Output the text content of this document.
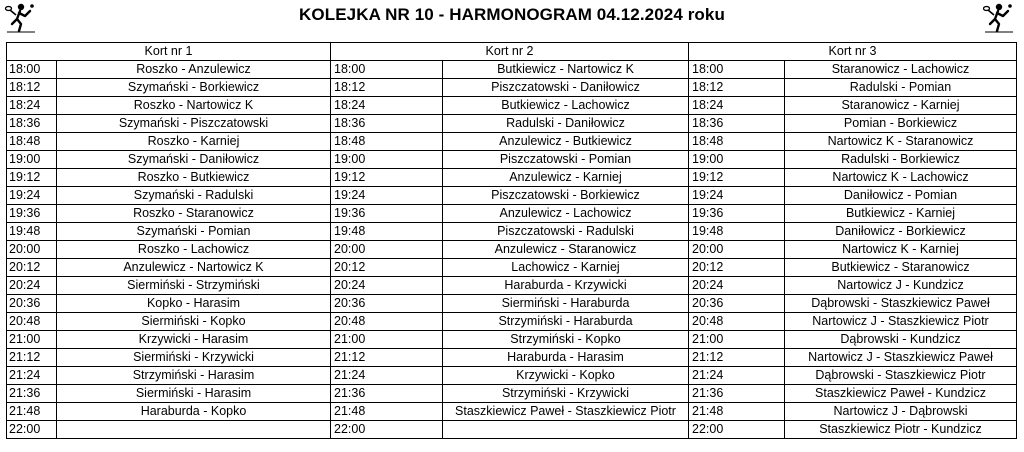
KOLEJKA NR 10 - HARMONOGRAM 04.12.2024 roku
Kort nr 1		Kort nr 2		Kort nr 3	
18:00	Roszko - Anzulewicz	18:00	Butkiewicz - Nartowicz K	18:00	Staranowicz - Lachowicz
18:12	Szymański - Borkiewicz	18:12	Piszczatowski - Daniłowicz	18:12	Radulski - Pomian
18:24	Roszko - Nartowicz K	18:24	Butkiewicz - Lachowicz	18:24	Staranowicz - Karniej
18:36	Szymański - Piszczatowski	18:36	Radulski - Daniłowicz	18:36	Pomian - Borkiewicz
18:48	Roszko - Karniej	18:48	Anzulewicz - Butkiewicz	18:48	Nartowicz K - Staranowicz
19:00	Szymański - Daniłowicz	19:00	Piszczatowski - Pomian	19:00	Radulski - Borkiewicz
19:12	Roszko - Butkiewicz	19:12	Anzulewicz - Karniej	19:12	Nartowicz K - Lachowicz
19:24	Szymański - Radulski	19:24	Piszczatowski - Borkiewicz	19:24	Daniłowicz - Pomian
19:36	Roszko - Staranowicz	19:36	Anzulewicz - Lachowicz	19:36	Butkiewicz - Karniej
19:48	Szymański - Pomian	19:48	Piszczatowski - Radulski	19:48	Daniłowicz - Borkiewicz
20:00	Roszko - Lachowicz	20:00	Anzulewicz - Staranowicz	20:00	Nartowicz K - Karniej
20:12	Anzulewicz - Nartowicz K	20:12	Lachowicz - Karniej	20:12	Butkiewicz - Staranowicz
20:24	Siermiński - Strzymiński	20:24	Haraburda - Krzywicki	20:24	Nartowicz J - Kundzicz
20:36	Kopko - Harasim	20:36	Siermiński - Haraburda	20:36	Dąbrowski - Staszkiewicz Paweł
20:48	Siermiński - Kopko	20:48	Strzymiński - Haraburda	20:48	Nartowicz J - Staszkiewicz Piotr
21:00	Krzywicki - Harasim	21:00	Strzymiński - Kopko	21:00	Dąbrowski - Kundzicz
21:12	Siermiński - Krzywicki	21:12	Haraburda - Harasim	21:12	Nartowicz J - Staszkiewicz Paweł
21:24	Strzymiński - Harasim	21:24	Krzywicki - Kopko	21:24	Dąbrowski - Staszkiewicz Piotr
21:36	Siermiński - Harasim	21:36	Strzymiński - Krzywicki	21:36	Staszkiewicz Paweł - Kundzicz
21:48	Haraburda - Kopko	21:48	Staszkiewicz Paweł - Staszkiewicz Piotr	21:48	Nartowicz J - Dąbrowski
22:00		22:00		22:00	Staszkiewicz Piotr - Kundzicz
